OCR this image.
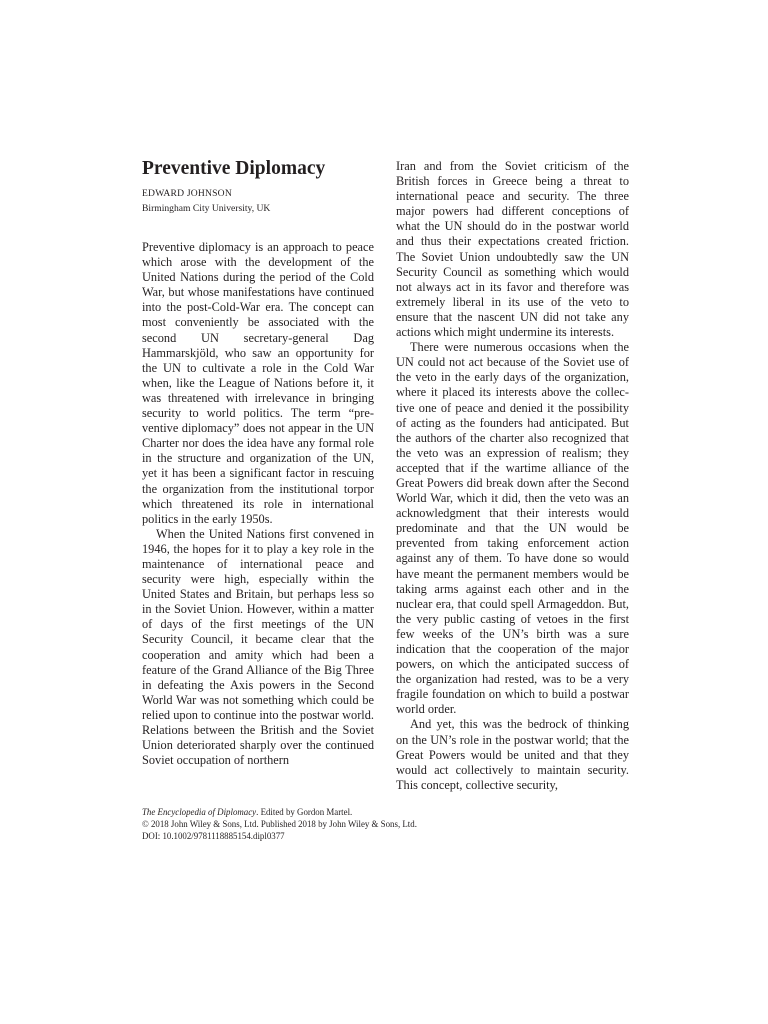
Preventive Diplomacy
EDWARD JOHNSON
Birmingham City University, UK

Preventive diplomacy is an approach to peace which arose with the development of the United Nations during the period of the Cold War, but whose manifestations have continued into the post-Cold-War era. The concept can most conveniently be associated with the second UN secretary-general Dag Hammarskjöld, who saw an opportunity for the UN to cultivate a role in the Cold War when, like the League of Nations before it, it was threatened with irrelevance in bringing security to world politics. The term “preventive diplomacy” does not appear in the UN Charter nor does the idea have any formal role in the structure and organization of the UN, yet it has been a significant factor in rescuing the organization from the institutional torpor which threatened its role in international politics in the early 1950s.

When the United Nations first convened in 1946, the hopes for it to play a key role in the maintenance of international peace and security were high, especially within the United States and Britain, but perhaps less so in the Soviet Union. However, within a matter of days of the first meetings of the UN Security Council, it became clear that the cooperation and amity which had been a feature of the Grand Alliance of the Big Three in defeating the Axis powers in the Second World War was not something which could be relied upon to continue into the postwar world. Relations between the British and the Soviet Union deteriorated sharply over the continued Soviet occupation of northern

Iran and from the Soviet criticism of the British forces in Greece being a threat to international peace and security. The three major powers had different conceptions of what the UN should do in the postwar world and thus their expectations created friction. The Soviet Union undoubtedly saw the UN Security Council as something which would not always act in its favor and therefore was extremely liberal in its use of the veto to ensure that the nascent UN did not take any actions which might undermine its interests.

There were numerous occasions when the UN could not act because of the Soviet use of the veto in the early days of the organization, where it placed its interests above the collective one of peace and denied it the possibility of acting as the founders had anticipated. But the authors of the charter also recognized that the veto was an expression of realism; they accepted that if the wartime alliance of the Great Powers did break down after the Second World War, which it did, then the veto was an acknowledgment that their interests would predominate and that the UN would be prevented from taking enforcement action against any of them. To have done so would have meant the permanent members would be taking arms against each other and in the nuclear era, that could spell Armageddon. But, the very public casting of vetoes in the first few weeks of the UN’s birth was a sure indication that the cooperation of the major powers, on which the anticipated success of the organization had rested, was to be a very fragile foundation on which to build a postwar world order.

And yet, this was the bedrock of thinking on the UN’s role in the postwar world; that the Great Powers would be united and that they would act collectively to maintain security. This concept, collective security,

The Encyclopedia of Diplomacy. Edited by Gordon Martel.
© 2018 John Wiley & Sons, Ltd. Published 2018 by John Wiley & Sons, Ltd.
DOI: 10.1002/9781118885154.dipl0377
